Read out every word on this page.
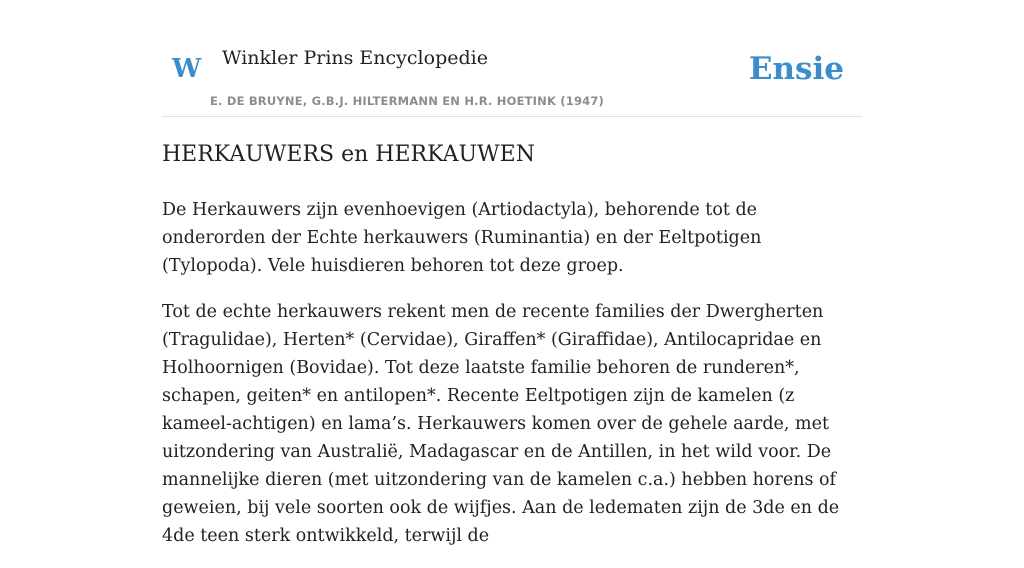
W Winkler Prins Encyclopedie
E. DE BRUYNE, G.B.J. HILTERMANN EN H.R. HOETINK (1947)
Ensie
HERKAUWERS en HERKAUWEN

De Herkauwers zijn evenhoevigen (Artiodactyla), behorende tot de onderorden der Echte herkauwers (Ruminantia) en der Eeltpotigen (Tylopoda). Vele huisdieren behoren tot deze groep.

Tot de echte herkauwers rekent men de recente families der Dwergherten (Tragulidae), Herten* (Cervidae), Giraffen* (Giraffidae), Antilocapridae en Holhoornigen (Bovidae). Tot deze laatste familie behoren de runderen*, schapen, geiten* en antilopen*. Recente Eeltpotigen zijn de kamelen (z kameel-achtigen) en lama’s. Herkauwers komen over de gehele aarde, met uitzondering van Australië, Madagascar en de Antillen, in het wild voor. De mannelijke dieren (met uitzondering van de kamelen c.a.) hebben horens of geweien, bij vele soorten ook de wijfjes. Aan de ledematen zijn de 3de en de 4de teen sterk ontwikkeld, terwijl de
